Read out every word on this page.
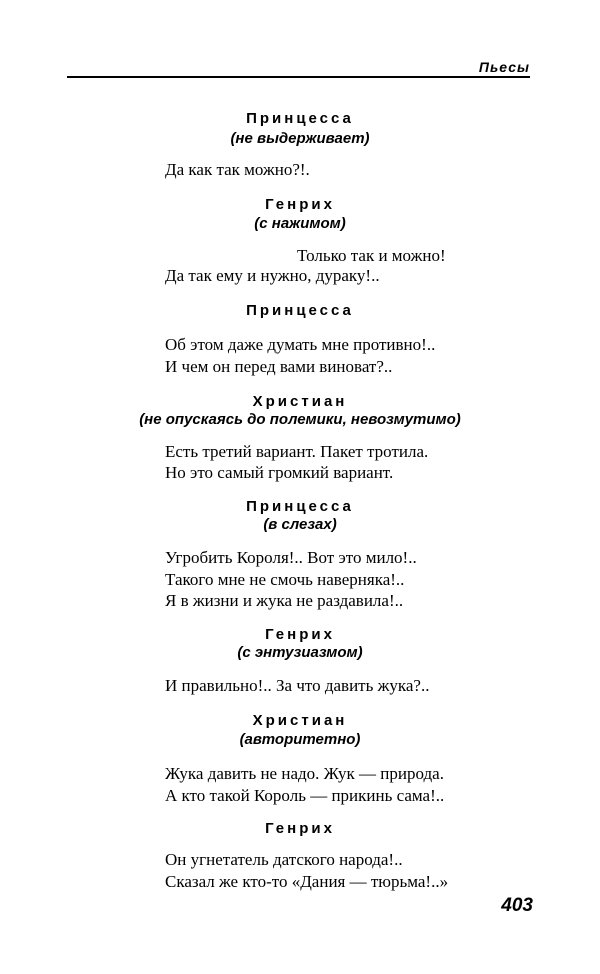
Пьесы
Принцесса
(не выдерживает)
Да как так можно?!.
Генрих
(с нажимом)
Только так и можно!
Да так ему и нужно, дураку!..
Принцесса
Об этом даже думать мне противно!..
И чем он перед вами виноват?..
Христиан
(не опускаясь до полемики, невозмутимо)
Есть третий вариант. Пакет тротила.
Но это самый громкий вариант.
Принцесса
(в слезах)
Угробить Короля!.. Вот это мило!..
Такого мне не смочь наверняка!..
Я в жизни и жука не раздавила!..
Генрих
(с энтузиазмом)
И правильно!.. За что давить жука?..
Христиан
(авторитетно)
Жука давить не надо. Жук — природа.
А кто такой Король — прикинь сама!..
Генрих
Он угнетатель датского народа!..
Сказал же кто-то «Дания — тюрьма!..»
403
